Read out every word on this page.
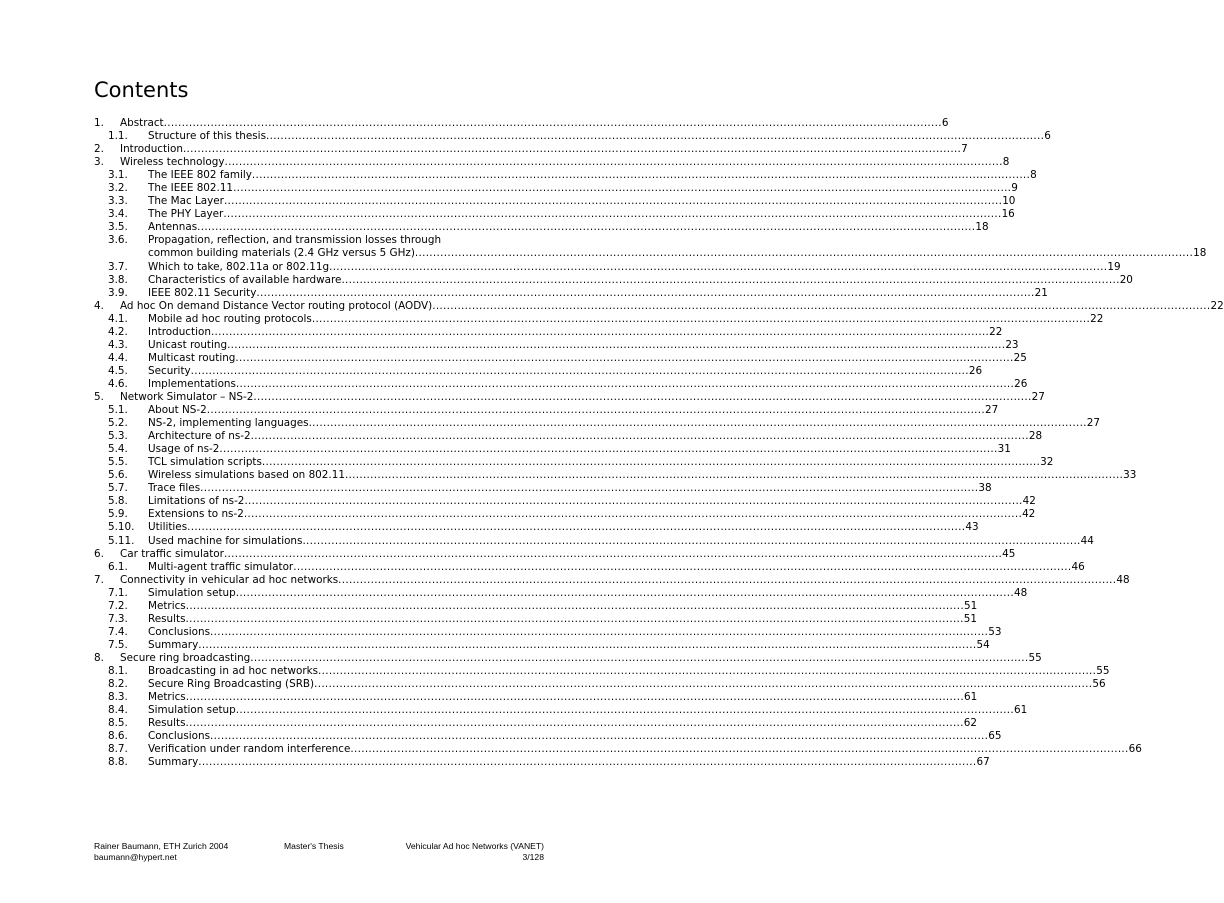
Contents
1.	Abstract .....	6
1.1.	Structure of this thesis .....	6
2.	Introduction .....	7
3.	Wireless technology .....	8
3.1.	The IEEE 802 family .....	8
3.2.	The IEEE 802.11 .....	9
3.3.	The Mac Layer .....	10
3.4.	The PHY Layer .....	16
3.5.	Antennas .....	18
3.6.	Propagation, reflection, and transmission losses through
common building materials (2.4 GHz versus 5 GHz) .....	18
3.7.	Which to take, 802.11a or 802.11g .....	19
3.8.	Characteristics of available hardware .....	20
3.9.	IEEE 802.11 Security .....	21
4.	Ad hoc On demand Distance Vector routing protocol (AODV) .....	22
4.1.	Mobile ad hoc routing protocols .....	22
4.2.	Introduction .....	22
4.3.	Unicast routing .....	23
4.4.	Multicast routing .....	25
4.5.	Security .....	26
4.6.	Implementations .....	26
5.	Network Simulator – NS-2 .....	27
5.1.	About NS-2 .....	27
5.2.	NS-2, implementing languages .....	27
5.3.	Architecture of ns-2 .....	28
5.4.	Usage of ns-2 .....	31
5.5.	TCL simulation scripts .....	32
5.6.	Wireless simulations based on 802.11 .....	33
5.7.	Trace files .....	38
5.8.	Limitations of ns-2 .....	42
5.9.	Extensions to ns-2 .....	42
5.10.	Utilities .....	43
5.11.	Used machine for simulations .....	44
6.	Car traffic simulator .....	45
6.1.	Multi-agent traffic simulator .....	46
7.	Connectivity in vehicular ad hoc networks .....	48
7.1.	Simulation setup .....	48
7.2.	Metrics .....	51
7.3.	Results .....	51
7.4.	Conclusions .....	53
7.5.	Summary .....	54
8.	Secure ring broadcasting .....	55
8.1.	Broadcasting in ad hoc networks .....	55
8.2.	Secure Ring Broadcasting (SRB) .....	56
8.3.	Metrics .....	61
8.4.	Simulation setup .....	61
8.5.	Results .....	62
8.6.	Conclusions .....	65
8.7.	Verification under random interference .....	66
8.8.	Summary .....	67
Rainer Baumann, ETH Zurich 2004
baumann@hypert.net
Master's Thesis	Vehicular Ad hoc Networks (VANET)
3/128
